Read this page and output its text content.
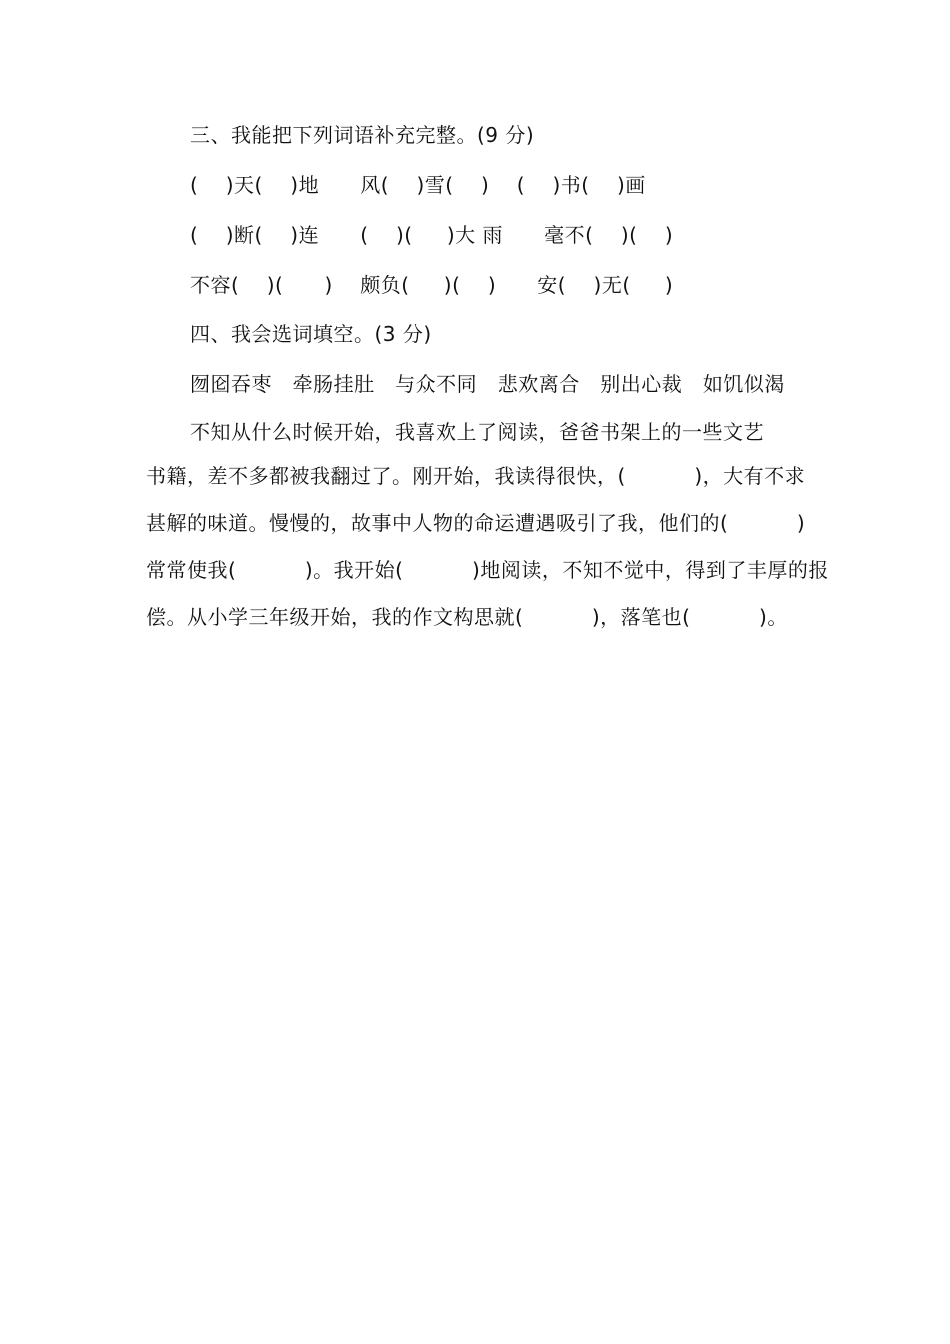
三、我能把下列词语补充完整。(9 分)
(    )天(    )地      风(    )雪(    )    (    )书(    )画
(    )断(    )连      (    )(     )大 雨      毫不(    )(    )
不容(    )(      )    颇负(     )(    )      安(    )无(     )
四、我会选词填空。(3 分)
囫囵吞枣   牵肠挂肚   与众不同   悲欢离合   别出心裁   如饥似渴
不知从什么时候开始，我喜欢上了阅读，爸爸书架上的一些文艺
书籍，差不多都被我翻过了。刚开始，我读得很快，(          )，大有不求
甚解的味道。慢慢的，故事中人物的命运遭遇吸引了我，他们的(          )
常常使我(          )。我开始(          )地阅读，不知不觉中，得到了丰厚的报
偿。从小学三年级开始，我的作文构思就(          )，落笔也(          )。
